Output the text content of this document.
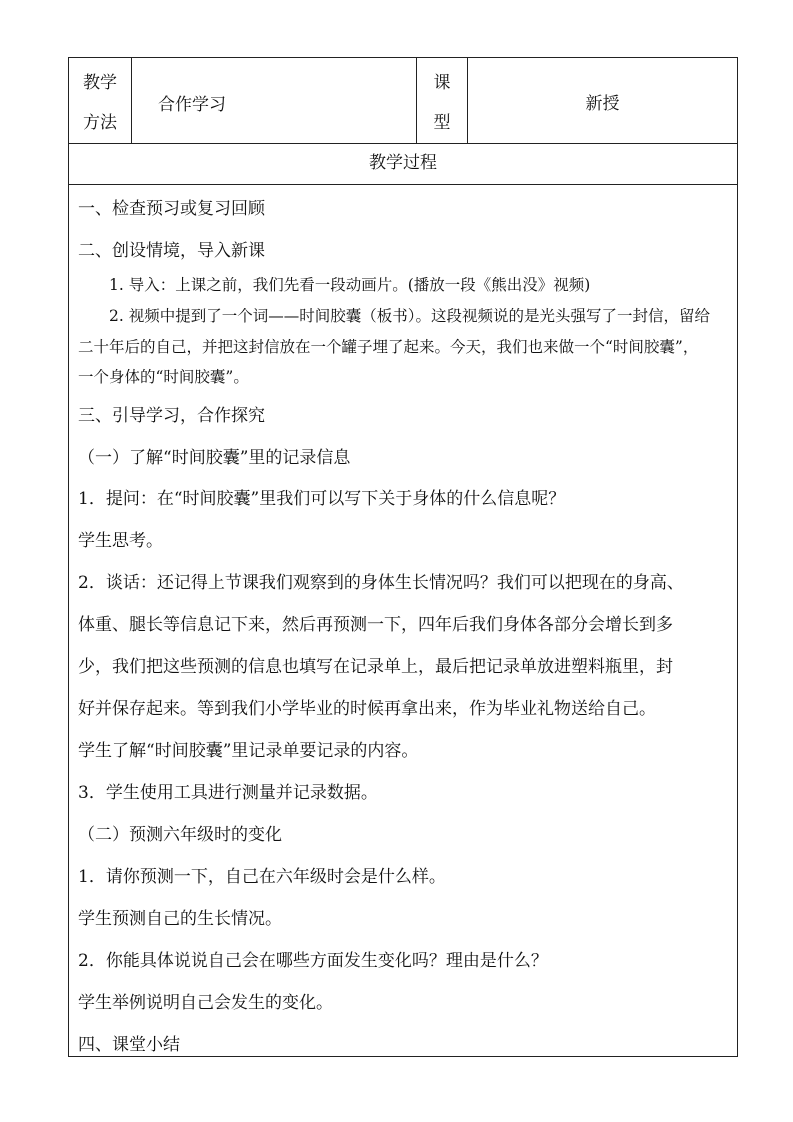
教学
方法
合作学习
课
型
新授
教学过程
一、检查预习或复习回顾
二、创设情境，导入新课
1. 导入：上课之前，我们先看一段动画片。(播放一段《熊出没》视频)
2. 视频中提到了一个词——时间胶囊（板书）。这段视频说的是光头强写了一封信，留给
二十年后的自己，并把这封信放在一个罐子埋了起来。今天，我们也来做一个“时间胶囊”，
一个身体的“时间胶囊”。
三、引导学习，合作探究
（一）了解“时间胶囊”里的记录信息
1．提问：在“时间胶囊”里我们可以写下关于身体的什么信息呢？
学生思考。
2．谈话：还记得上节课我们观察到的身体生长情况吗？我们可以把现在的身高、
体重、腿长等信息记下来，然后再预测一下，四年后我们身体各部分会增长到多
少，我们把这些预测的信息也填写在记录单上，最后把记录单放进塑料瓶里，封
好并保存起来。等到我们小学毕业的时候再拿出来，作为毕业礼物送给自己。
学生了解“时间胶囊”里记录单要记录的内容。
3．学生使用工具进行测量并记录数据。
（二）预测六年级时的变化
1．请你预测一下，自己在六年级时会是什么样。
学生预测自己的生长情况。
2．你能具体说说自己会在哪些方面发生变化吗？理由是什么？
学生举例说明自己会发生的变化。
四、课堂小结
